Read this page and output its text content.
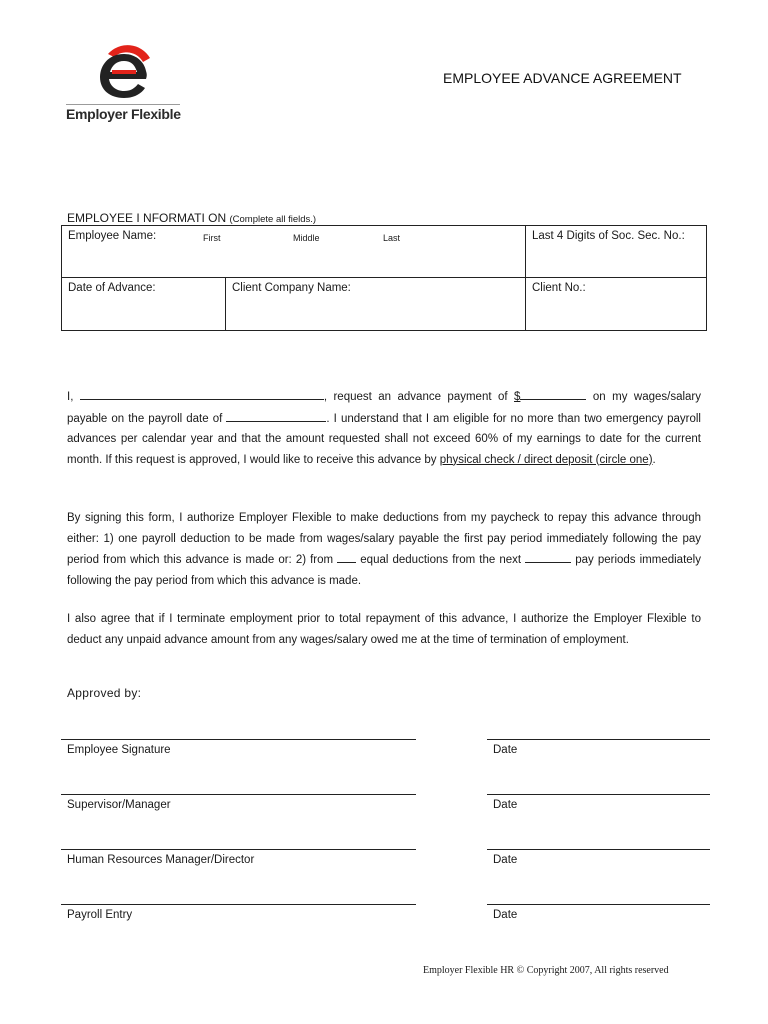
Employer Flexible
EMPLOYEE ADVANCE AGREEMENT
EMPLOYEE I NFORMATI ON (Complete all fields.)
Employee Name:	First	Middle	Last	Last 4 Digits of Soc. Sec. No.:
Date of Advance:	Client Company Name:	Client No.:

I,	, request an advance payment of $	on my wages/salary payable on the payroll date of	. I understand that I am eligible for no more than two emergency payroll advances per calendar year and that the amount requested shall not exceed 60% of my earnings to date for the current month. If this request is approved, I would like to receive this advance by physical check / direct deposit (circle one).

By signing this form, I authorize Employer Flexible to make deductions from my paycheck to repay this advance through either: 1) one payroll deduction to be made from wages/salary payable the first pay period immediately following the pay period from which this advance is made or: 2) from equal deductions from the next	pay periods immediately following the pay period from which this advance is made.

I also agree that if I terminate employment prior to total repayment of this advance, I authorize the Employer Flexible to deduct any unpaid advance amount from any wages/salary owed me at the time of termination of employment.

Approved by:
Employee Signature	Date
Supervisor/Manager	Date
Human Resources Manager/Director	Date
Payroll Entry	Date
Employer Flexible HR © Copyright 2007, All rights reserved
